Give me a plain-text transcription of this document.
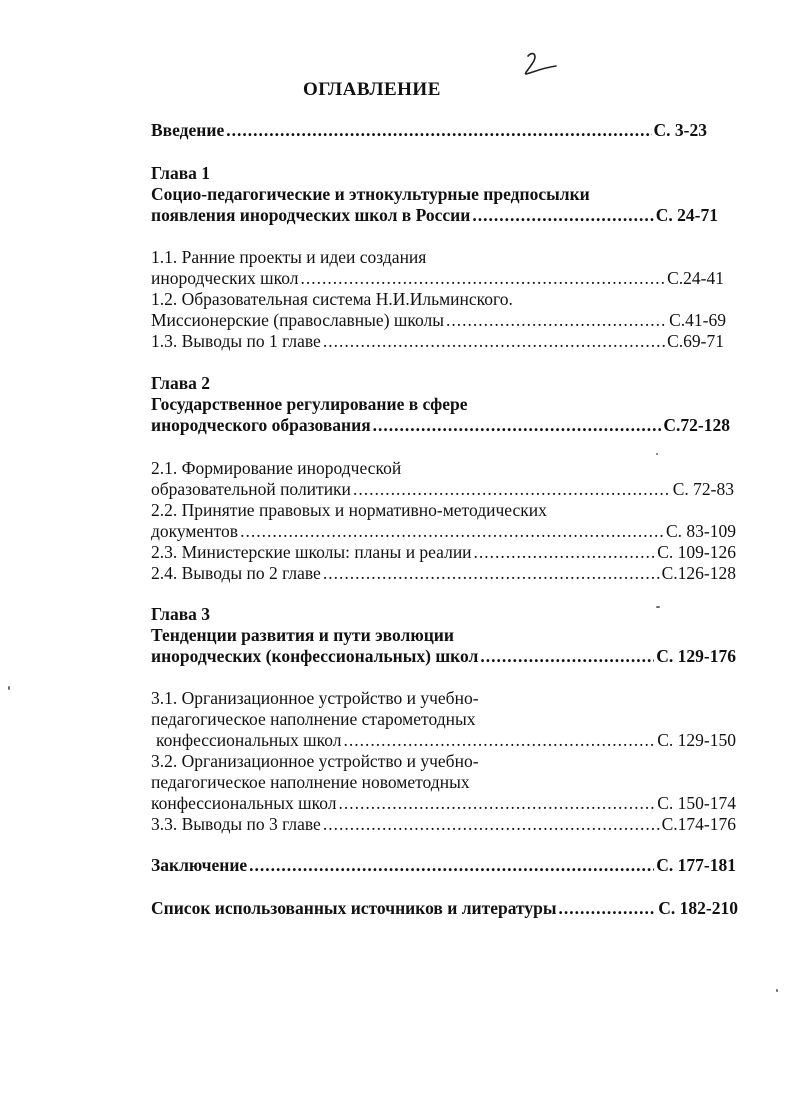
ОГЛАВЛЕНИЕ
Введение .....	С. 3-23
Глава 1
Социо-педагогические и этнокультурные предпосылки
появления инородческих школ в России .....	С. 24-71
1.1. Ранние проекты и идеи создания
инородческих школ .....	С.24-41
1.2. Образовательная система Н.И.Ильминского.
Миссионерские (православные) школы .....	С.41-69
1.3. Выводы по 1 главе .....	С.69-71
Глава 2
Государственное регулирование в сфере
инородческого образования .....	С.72-128
2.1. Формирование инородческой
образовательной политики .....	С. 72-83
2.2. Принятие правовых и нормативно-методических
документов .....	С. 83-109
2.3. Министерские школы: планы и реалии .....	С. 109-126
2.4. Выводы по 2 главе .....	С.126-128
Глава 3
Тенденции развития и пути эволюции
инородческих (конфессиональных) школ .....	С. 129-176
3.1. Организационное устройство и учебно-
педагогическое наполнение старометодных
конфессиональных школ .....	С. 129-150
3.2. Организационное устройство и учебно-
педагогическое наполнение новометодных
конфессиональных школ .....	С. 150-174
3.3. Выводы по 3 главе .....	С.174-176
Заключение .....	С. 177-181
Список использованных источников и литературы .....	С. 182-210
